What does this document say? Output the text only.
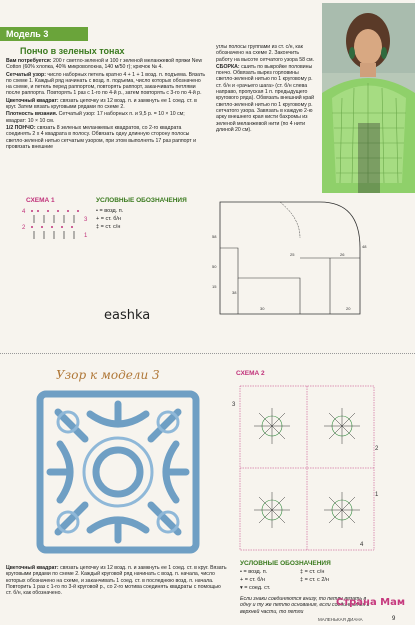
Модель 3
Пончо в зеленых тонах

Вам потребуется: 200 г светло-зеленой и 100 г зеленой меланжевой пряжи New Cotton (60% хлопка, 40% микроволокна, 140 м/50 г); крючок № 4.

Сетчатый узор: число наборных петель кратно 4 + 1 + 1 возд. п. подъема. Вязать по схеме 1. Каждый ряд начинать с возд. п. подъема, число которых обозначено на схеме, и петель перед раппортом, повторять раппорт, заканчивать петлями после раппорта. Повторять 1 раз с 1-го по 4-й р., затем повторять с 3-го по 4-й р.

Цветочный квадрат: связать цепочку из 12 возд. п. и замкнуть ее 1 соед. ст. в круг. Затем вязать круговыми рядами по схеме 2.

Плотность вязания. Сетчатый узор: 17 наборных п. и 9,5 р. = 10 × 10 см; квадрат: 10 × 10 см.

1/2 ПОНЧО: связать 8 зеленых меланжевых квадратов, со 2-го квадрата соединять 2 х 4 квадрата в полосу. Обвязать одну длинную сторону полосы светло-зеленой нитью сетчатым узором, при этом выполнять 17 раз раппорт и провязать внешние

углы полосы группами из ст. с/н, как обозначено на схеме 2. Закончить работу на высоте сетчатого узора 58 см.

СБОРКА: сшить по выкройке половины пончо. Обвязать вырез горловины светло-зеленой нитью по 1 круговому р. ст. б/н и «рачьего шага» (ст. б/н слева направо, пропуская 1 п. предыдущего кругового ряда). Обвязать внешний край светло-зеленой нитью по 1 круговому р. сетчатого узора. Завязать в каждую 2-ю арку внешнего края кисти бахромы из зеленой меланжевой нити (по 4 нити длиной 20 см).

СХЕМА 1
4
3
2
1
УСЛОВНЫЕ ОБОЗНАЧЕНИЯ
• = возд. п.
+ = ст. б/н
‡ = ст. с/н
58
50
30
48
25	26
20
15
38
eashka
Узор к модели 3	СХЕМА 2
3
2
1
4

Цветочный квадрат: связать цепочку из 12 возд. п. и замкнуть ее 1 соед. ст. в круг. Вязать круговыми рядами по схеме 2. Каждый круговой ряд начинать с возд. п. начала, число которых обозначено на схеме, и заканчивать 1 соед. ст. в последнюю возд. п. начала. Повторить 1 раз с 1-го по 3-й круговой р., со 2-го мотива соединять квадраты с помощью ст. б/н, как обозначено.

УСЛОВНЫЕ ОБОЗНАЧЕНИЯ
• = возд. п.
+ = ст. б/н
▾ = соед. ст.
‡ = ст. с/н
‡ = ст. с 2/н
Если знаки соединяются внизу, то петли вязать в одну и ту же петлю основания, если соединяются в верхней части, то петли
Страна Мам
МАЛЕНЬКАЯ ДИАНА	9
